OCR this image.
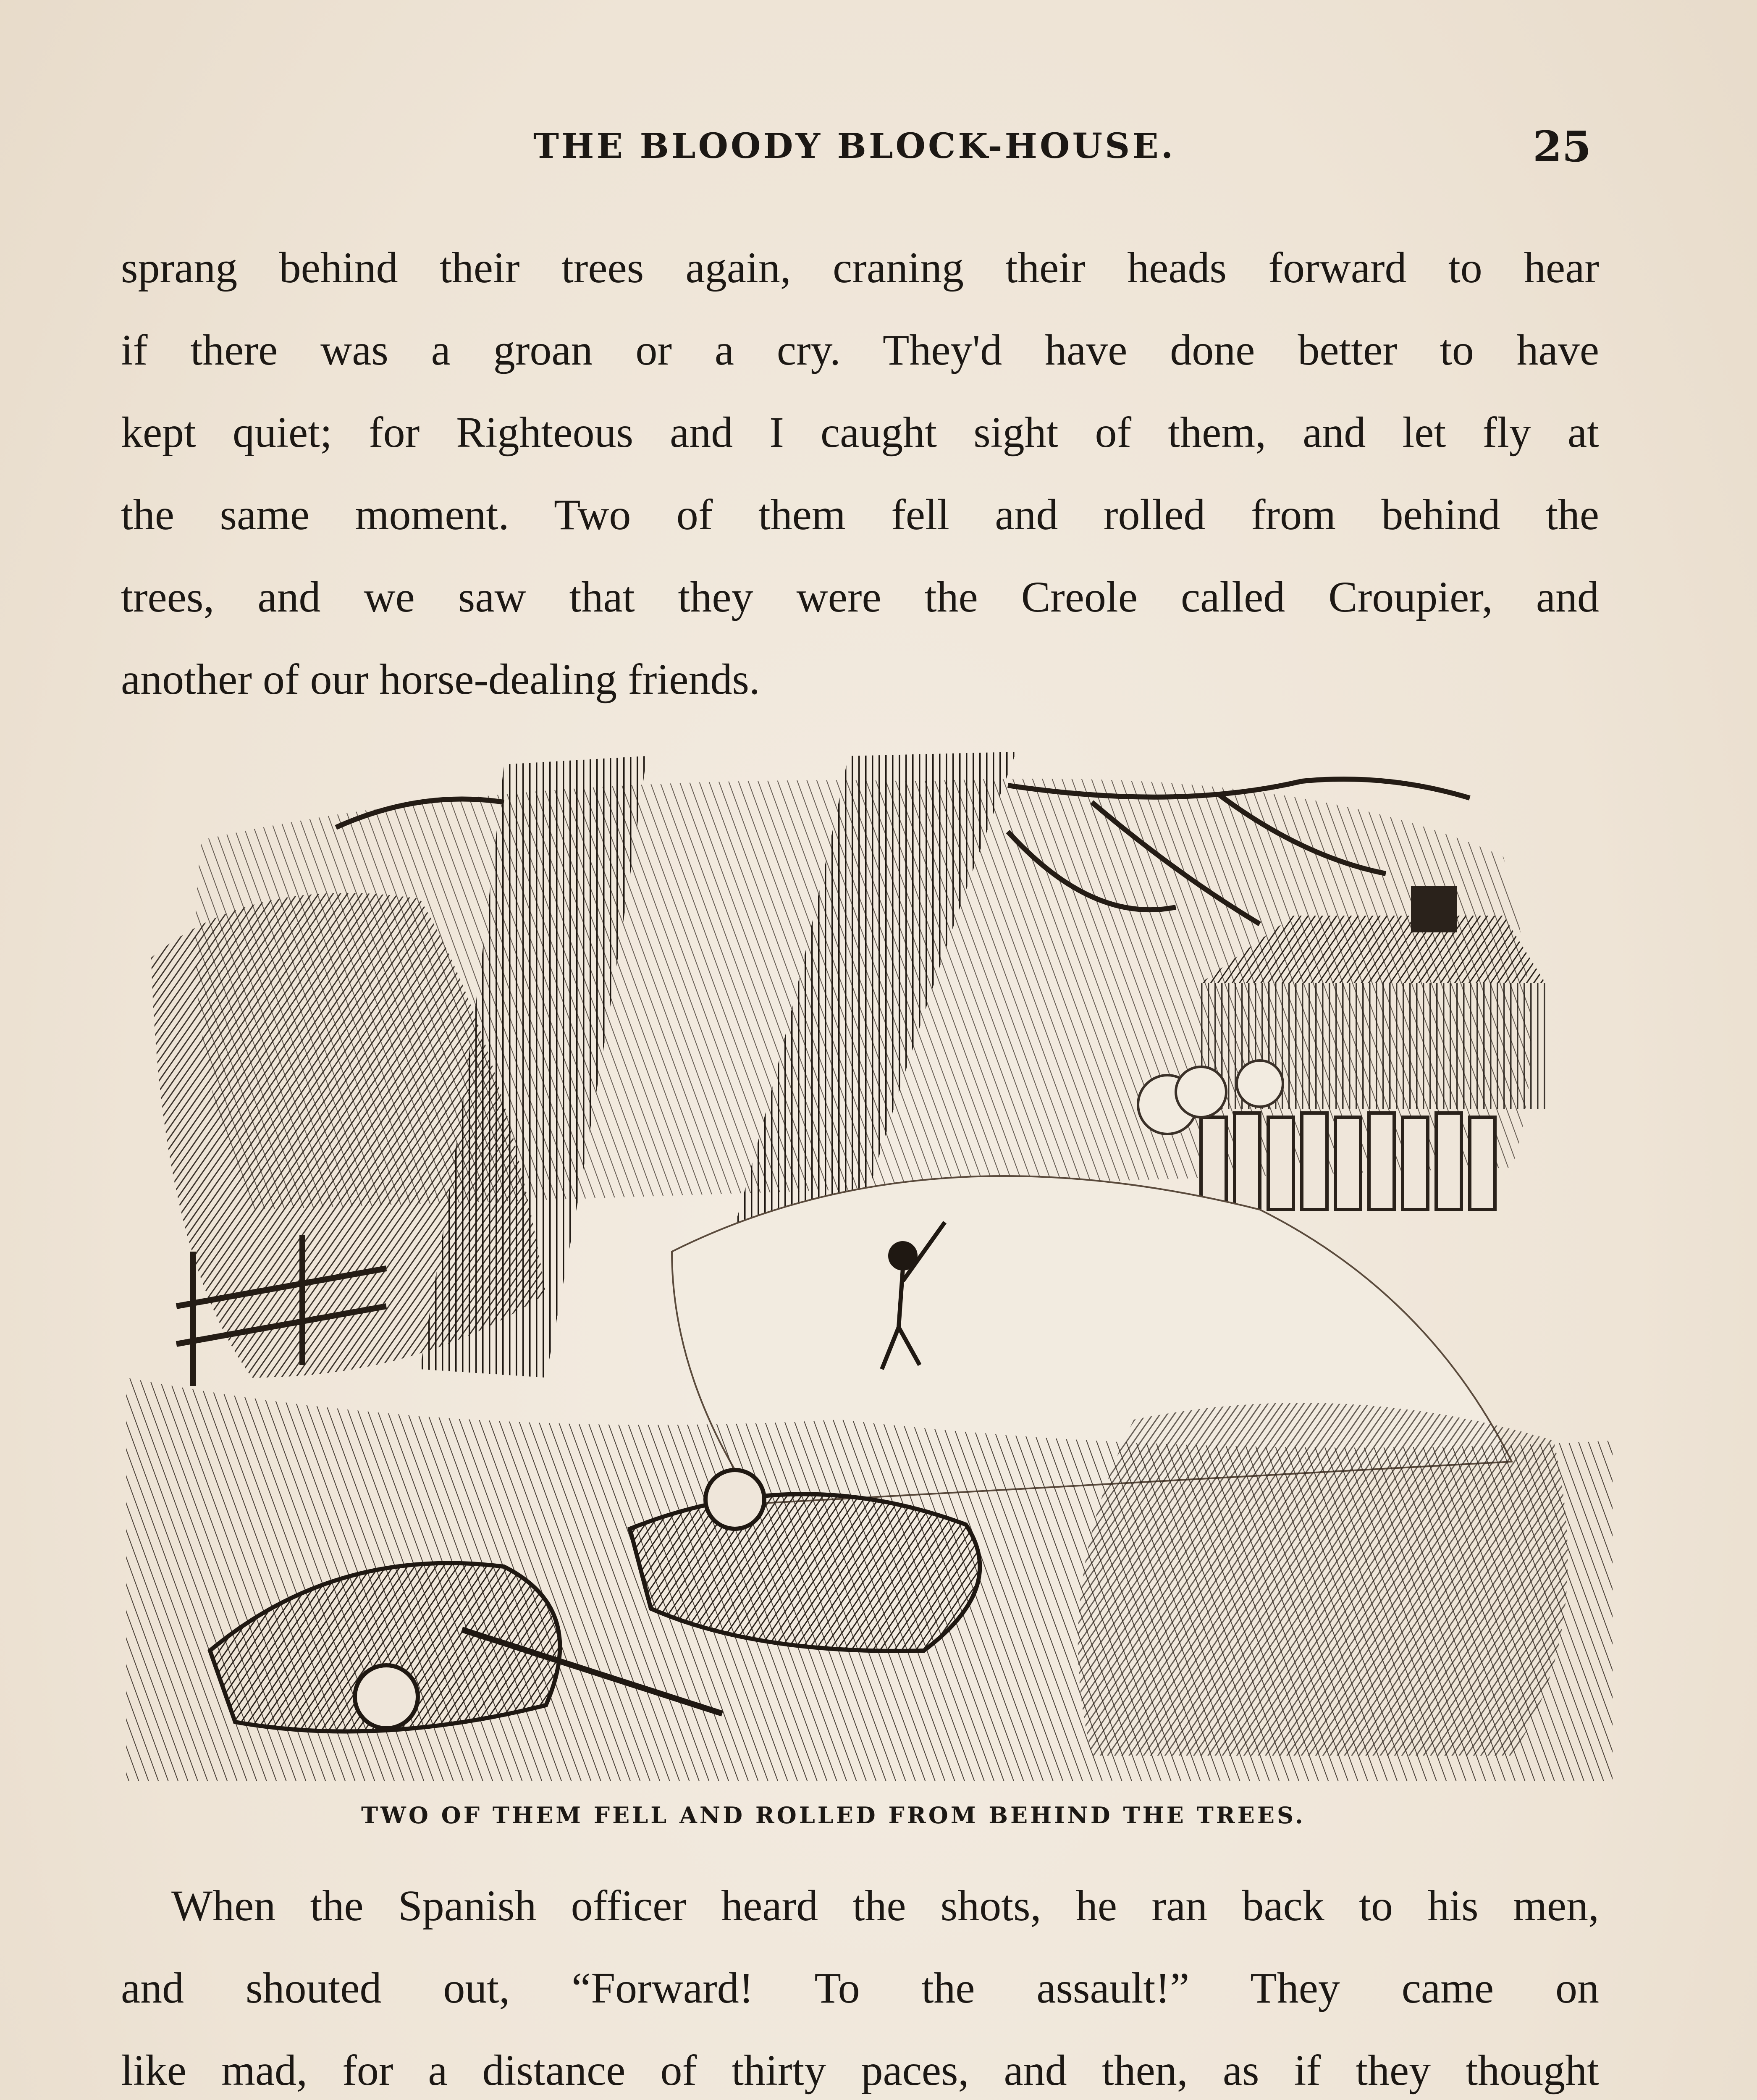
THE BLOODY BLOCK-HOUSE.	25

sprang behind their trees again, craning their heads forward to hear

if there was a groan or a cry. They'd have done better to have

kept quiet; for Righteous and I caught sight of them, and let fly at

the same moment. Two of them fell and rolled from behind the

trees, and we saw that they were the Creole called Croupier, and

another of our horse-dealing friends.

TWO OF THEM FELL AND ROLLED FROM BEHIND THE TREES.

When the Spanish officer heard the shots, he ran back to his men,

and shouted out, “Forward! To the assault!” They came on

like mad, for a distance of thirty paces, and then, as if they thought
